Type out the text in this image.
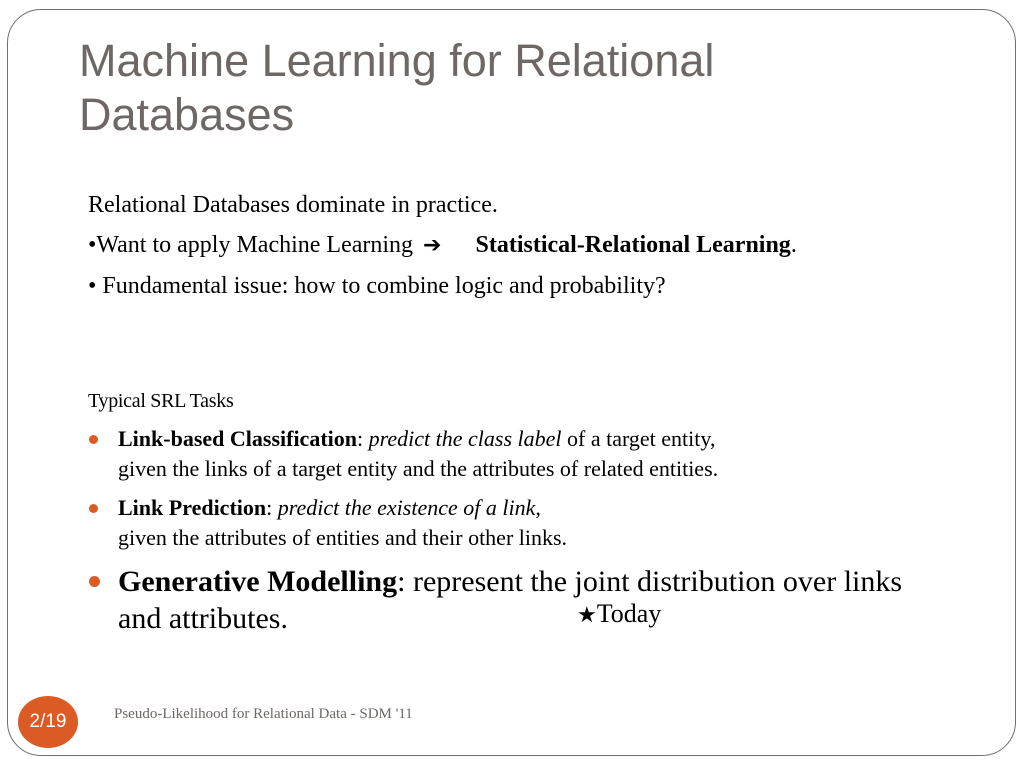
Machine Learning for Relational Databases

Relational Databases dominate in practice.

•Want to apply Machine Learning ➔ Statistical-Relational Learning.

• Fundamental issue: how to combine logic and probability?

Typical SRL Tasks
Link-based Classification: predict the class label of a target entity,
given the links of a target entity and the attributes of related entities.
Link Prediction: predict the existence of a link,
given the attributes of entities and their other links.
Generative Modelling: represent the joint distribution over links and attributes.	★Today
2/19	Pseudo-Likelihood for Relational Data - SDM '11
